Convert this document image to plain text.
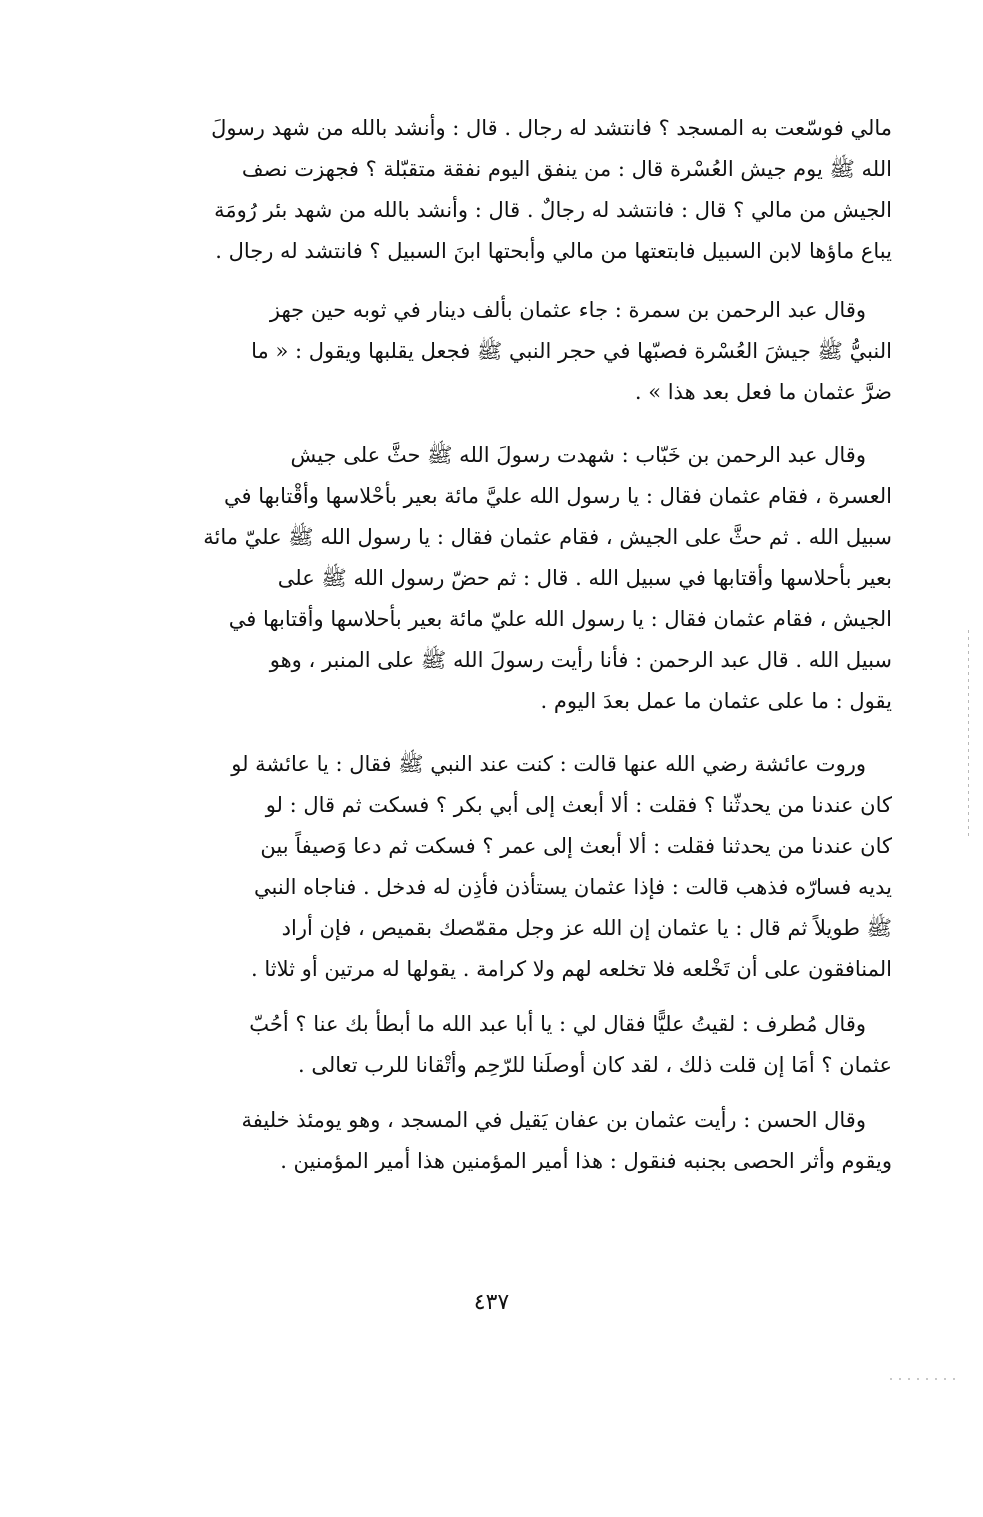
مالي فوسّعت به المسجد ؟ فانتشد له رجال . قال : وأنشد بالله من شهد رسولَ
الله ﷺ يوم جيش العُسْرة قال : من ينفق اليوم نفقة متقبّلة ؟ فجهزت نصف
الجيش من مالي ؟ قال : فانتشد له رجالٌ . قال : وأنشد بالله من شهد بئر رُومَة
يباع ماؤها لابن السبيل فابتعتها من مالي وأبحتها ابنَ السبيل ؟ فانتشد له رجال .

وقال عبد الرحمن بن سمرة : جاء عثمان بألف دينار في ثوبه حين جهز
النبيُّ ﷺ جيشَ العُسْرة فصبّها في حجر النبي ﷺ فجعل يقلبها ويقول : « ما
ضرَّ عثمان ما فعل بعد هذا » .

وقال عبد الرحمن بن خَبّاب : شهدت رسولَ الله ﷺ حثَّ على جيش
العسرة ، فقام عثمان فقال : يا رسول الله عليَّ مائة بعير بأحْلاسها وأقْتابها في
سبيل الله . ثم حثَّ على الجيش ، فقام عثمان فقال : يا رسول الله ﷺ عليّ مائة
بعير بأحلاسها وأقتابها في سبيل الله . قال : ثم حضّ رسول الله ﷺ على
الجيش ، فقام عثمان فقال : يا رسول الله عليّ مائة بعير بأحلاسها وأقتابها في
سبيل الله . قال عبد الرحمن : فأنا رأيت رسولَ الله ﷺ على المنبر ، وهو
يقول : ما على عثمان ما عمل بعدَ اليوم .

وروت عائشة رضي الله عنها قالت : كنت عند النبي ﷺ فقال : يا عائشة لو
كان عندنا من يحدثّنا ؟ فقلت : ألا أبعث إلى أبي بكر ؟ فسكت ثم قال : لو
كان عندنا من يحدثنا فقلت : ألا أبعث إلى عمر ؟ فسكت ثم دعا وَصيفاً بين
يديه فسارّه فذهب قالت : فإذا عثمان يستأذن فأذِن له فدخل . فناجاه النبي
ﷺ طويلاً ثم قال : يا عثمان إن الله عز وجل مقمّصك بقميص ، فإن أراد
المنافقون على أن تَخْلعه فلا تخلعه لهم ولا كرامة . يقولها له مرتين أو ثلاثا .

وقال مُطرف : لقيتُ عليًّا فقال لي : يا أبا عبد الله ما أبطأ بك عنا ؟ أحُبّ
عثمان ؟ أمَا إن قلت ذلك ، لقد كان أوصلَنا للرّحِم وأتْقانا للرب تعالى .

وقال الحسن : رأيت عثمان بن عفان يَقيل في المسجد ، وهو يومئذ خليفة
ويقوم وأثر الحصى بجنبه فنقول : هذا أمير المؤمنين هذا أمير المؤمنين .

٤٣٧
